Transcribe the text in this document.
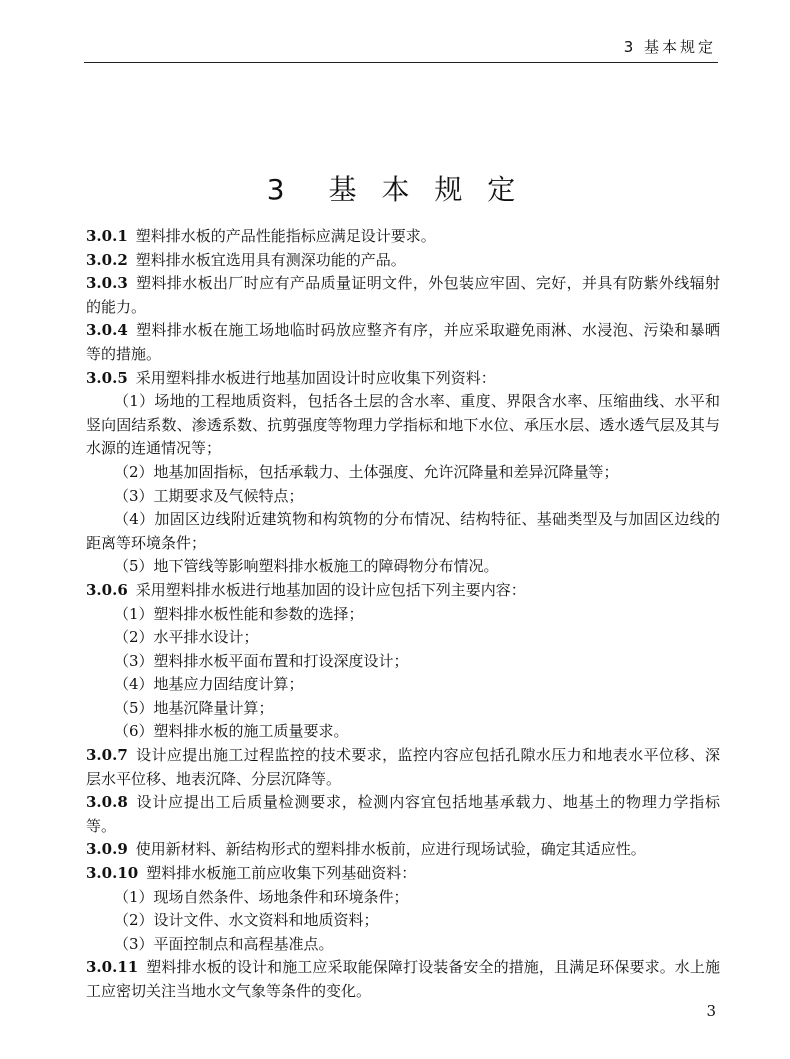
3 基本规定
3　基 本 规 定

3.0.1 塑料排水板的产品性能指标应满足设计要求。

3.0.2 塑料排水板宜选用具有测深功能的产品。

3.0.3 塑料排水板出厂时应有产品质量证明文件，外包装应牢固、完好，并具有防紫外线辐射的能力。

3.0.4 塑料排水板在施工场地临时码放应整齐有序，并应采取避免雨淋、水浸泡、污染和暴晒等的措施。

3.0.5 采用塑料排水板进行地基加固设计时应收集下列资料：

（1）场地的工程地质资料，包括各土层的含水率、重度、界限含水率、压缩曲线、水平和竖向固结系数、渗透系数、抗剪强度等物理力学指标和地下水位、承压水层、透水透气层及其与水源的连通情况等；

（2）地基加固指标，包括承载力、土体强度、允许沉降量和差异沉降量等；

（3）工期要求及气候特点；

（4）加固区边线附近建筑物和构筑物的分布情况、结构特征、基础类型及与加固区边线的距离等环境条件；

（5）地下管线等影响塑料排水板施工的障碍物分布情况。

3.0.6 采用塑料排水板进行地基加固的设计应包括下列主要内容：

（1）塑料排水板性能和参数的选择；

（2）水平排水设计；

（3）塑料排水板平面布置和打设深度设计；

（4）地基应力固结度计算；

（5）地基沉降量计算；

（6）塑料排水板的施工质量要求。

3.0.7 设计应提出施工过程监控的技术要求，监控内容应包括孔隙水压力和地表水平位移、深层水平位移、地表沉降、分层沉降等。

3.0.8 设计应提出工后质量检测要求，检测内容宜包括地基承载力、地基土的物理力学指标等。

3.0.9 使用新材料、新结构形式的塑料排水板前，应进行现场试验，确定其适应性。

3.0.10 塑料排水板施工前应收集下列基础资料：

（1）现场自然条件、场地条件和环境条件；

（2）设计文件、水文资料和地质资料；

（3）平面控制点和高程基准点。

3.0.11 塑料排水板的设计和施工应采取能保障打设装备安全的措施，且满足环保要求。水上施工应密切关注当地水文气象等条件的变化。

3
